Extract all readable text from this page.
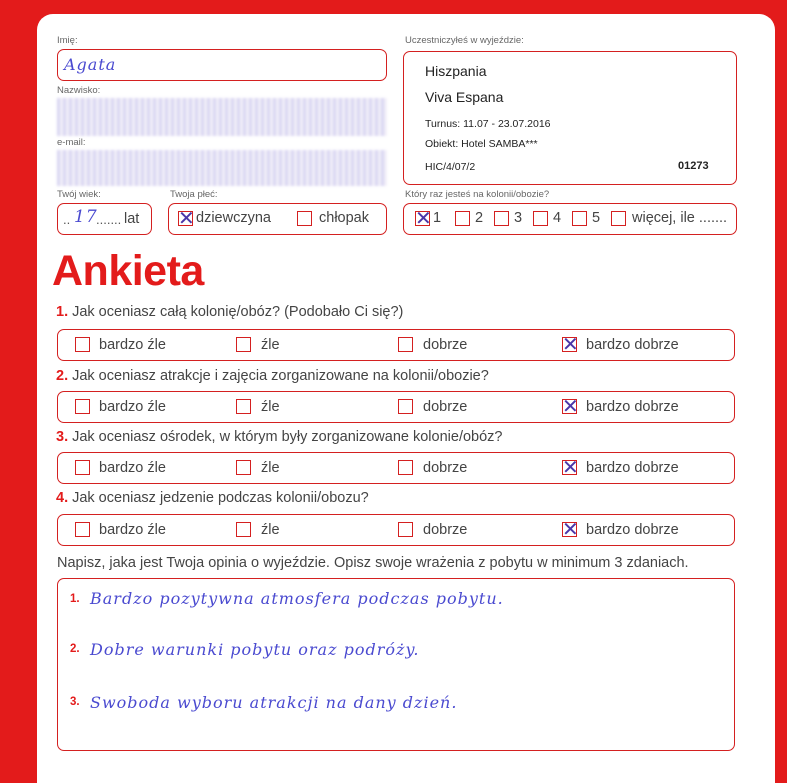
Imię:
Agata
Nazwisko:
e-mail:
Twój wiek:
.. 17
....... lat
Twoja płeć:
✕ dziewczyna	chłopak
Uczestniczyłeś w wyjeździe:
Hiszpania
Viva Espana
Turnus: 11.07 - 23.07.2016
Obiekt: Hotel SAMBA***
HIC/4/07/2	01273
Który raz jesteś na kolonii/obozie?
✕ 1 2 3 4 5 więcej, ile .......
Ankieta
1. Jak oceniasz całą kolonię/obóz? (Podobało Ci się?)
bardzo źle	źle	dobrze	✕ bardzo dobrze
2. Jak oceniasz atrakcje i zajęcia zorganizowane na kolonii/obozie?
bardzo źle	źle	dobrze	✕ bardzo dobrze
3. Jak oceniasz ośrodek, w którym były zorganizowane kolonie/obóz?
bardzo źle	źle	dobrze	✕ bardzo dobrze
4. Jak oceniasz jedzenie podczas kolonii/obozu?
bardzo źle	źle	dobrze	✕ bardzo dobrze
Napisz, jaka jest Twoja opinia o wyjeździe. Opisz swoje wrażenia z pobytu w minimum 3 zdaniach.
1. Bardzo pozytywna atmosfera podczas pobytu.
2. Dobre warunki pobytu oraz podróży.
3. Swoboda wyboru atrakcji na dany dzień.
